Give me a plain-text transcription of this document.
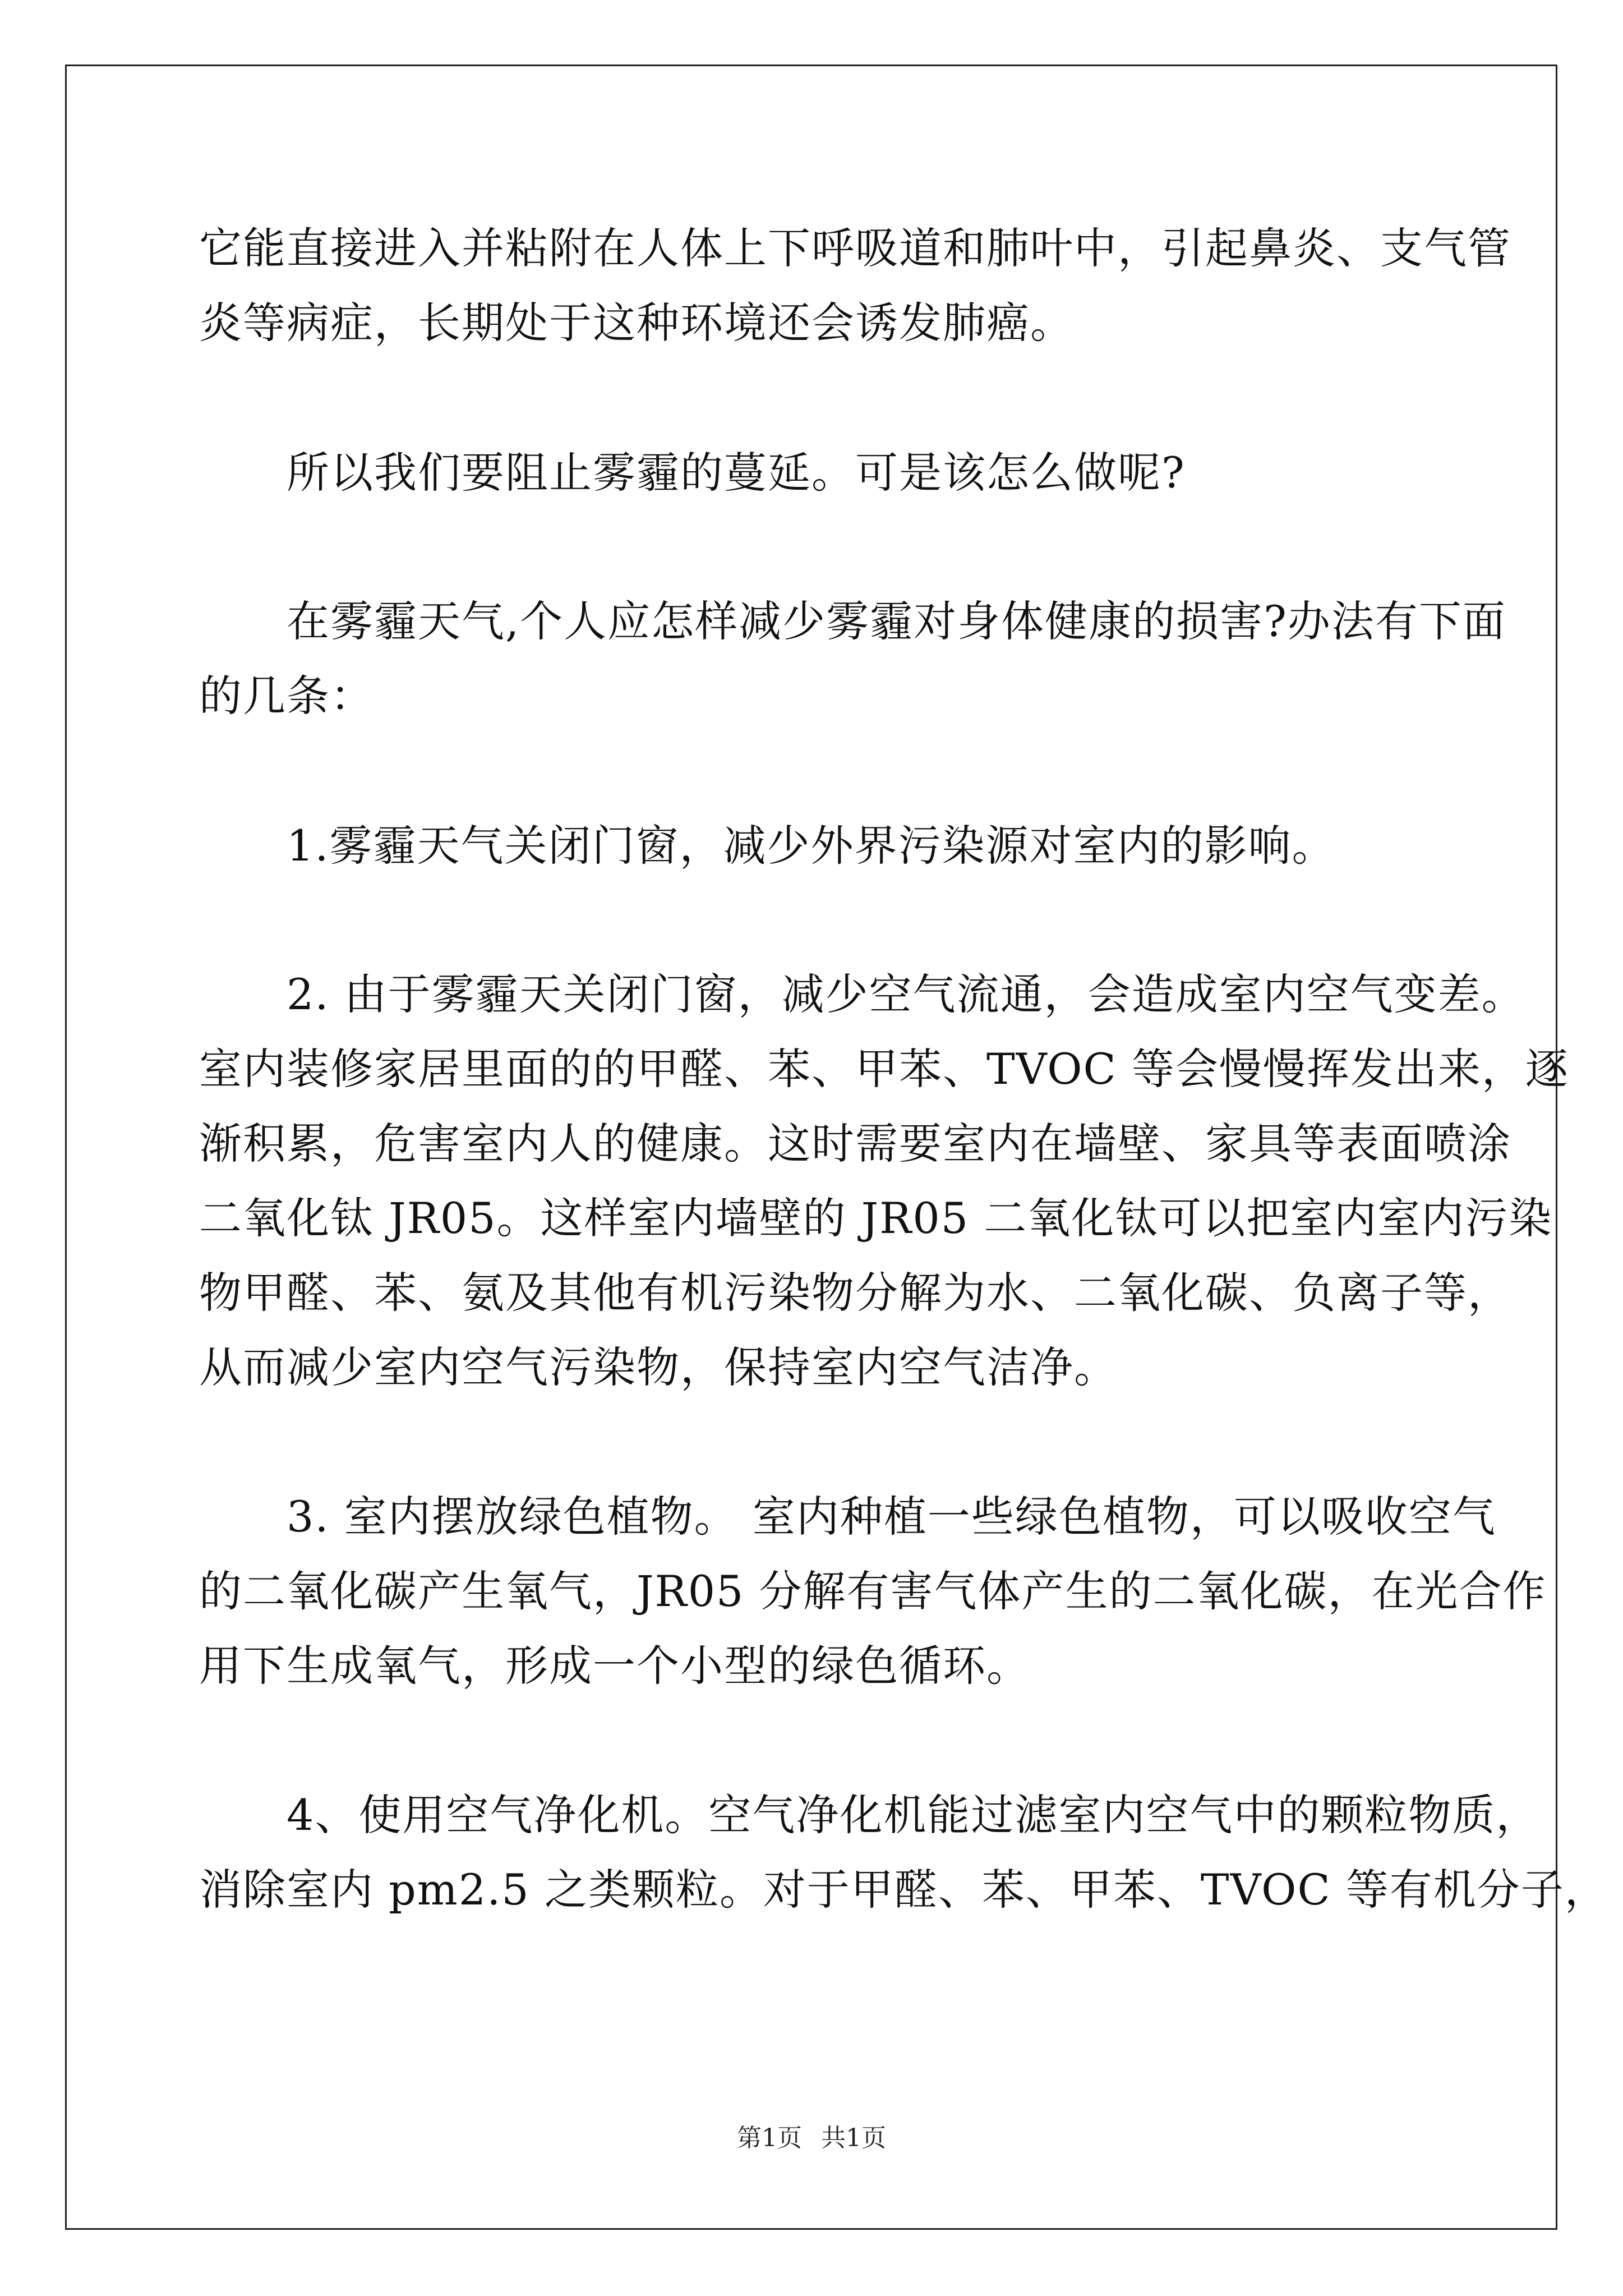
它能直接进入并粘附在人体上下呼吸道和肺叶中，引起鼻炎、支气管
炎等病症，长期处于这种环境还会诱发肺癌。
　　所以我们要阻止雾霾的蔓延。可是该怎么做呢?
　　在雾霾天气,个人应怎样减少雾霾对身体健康的损害?办法有下面
的几条：
　　1.雾霾天气关闭门窗，减少外界污染源对室内的影响。
　　2. 由于雾霾天关闭门窗，减少空气流通，会造成室内空气变差。
室内装修家居里面的的甲醛、苯、甲苯、TVOC 等会慢慢挥发出来，逐
渐积累，危害室内人的健康。这时需要室内在墙壁、家具等表面喷涂
二氧化钛 JR05。这样室内墙壁的 JR05 二氧化钛可以把室内室内污染
物甲醛、苯、氨及其他有机污染物分解为水、二氧化碳、负离子等，
从而减少室内空气污染物，保持室内空气洁净。
　　3. 室内摆放绿色植物。 室内种植一些绿色植物，可以吸收空气
的二氧化碳产生氧气，JR05 分解有害气体产生的二氧化碳，在光合作
用下生成氧气，形成一个小型的绿色循环。
　　4、使用空气净化机。空气净化机能过滤室内空气中的颗粒物质，
消除室内 pm2.5 之类颗粒。对于甲醛、苯、甲苯、TVOC 等有机分子，
第1页 共1页
